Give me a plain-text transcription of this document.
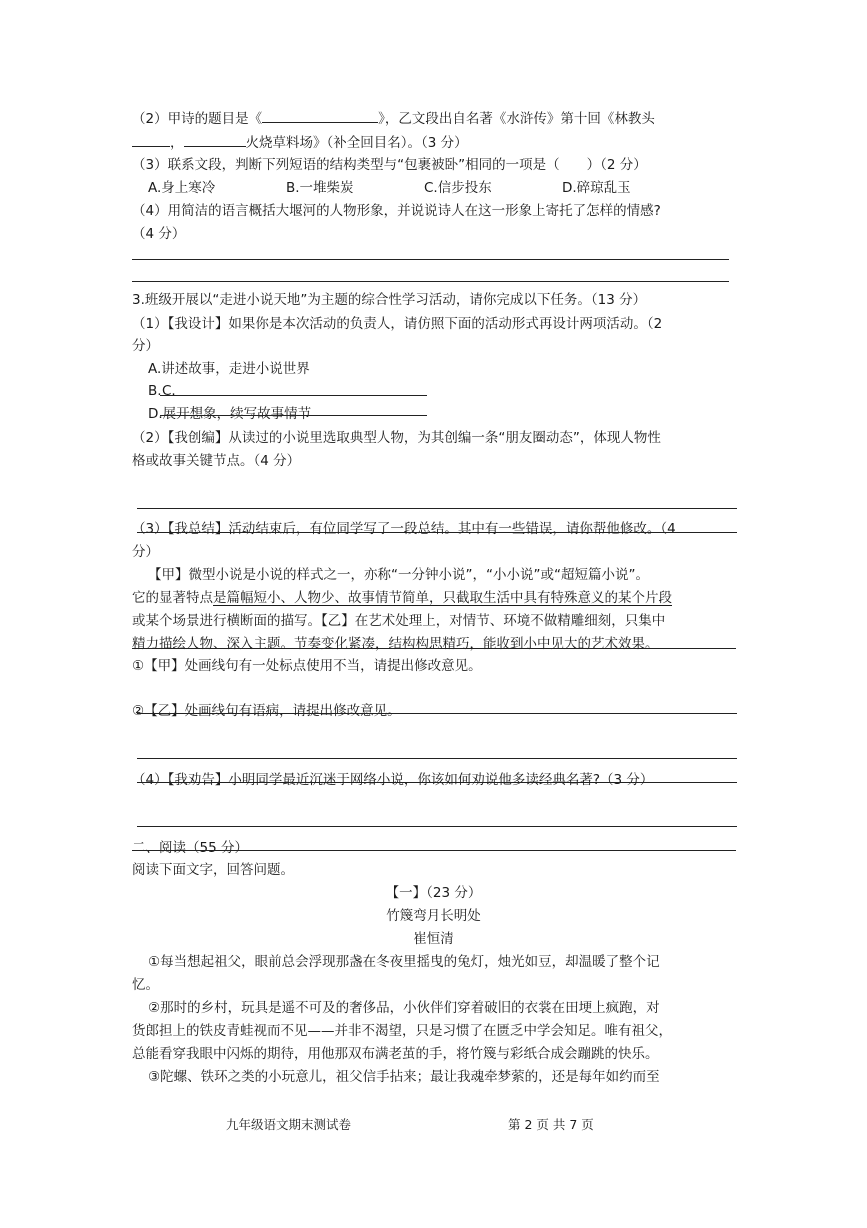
（2）甲诗的题目是《	》，乙文段出自名著《水浒传》第十回《林教头
，	火烧草料场》（补全回目名）。（3 分）
（3）联系文段，判断下列短语的结构类型与“包裹被卧”相同的一项是（　　）（2 分）
A.身上寒冷	B.一堆柴炭	C.信步投东	D.碎琼乱玉
（4）用简洁的语言概括大堰河的人物形象，并说说诗人在这一形象上寄托了怎样的情感?
（4 分）
3.班级开展以“走进小说天地”为主题的综合性学习活动，请你完成以下任务。（13 分）
（1）【我设计】如果你是本次活动的负责人，请仿照下面的活动形式再设计两项活动。（2
分）
A.讲述故事，走进小说世界
B. C.
D.展开想象，续写故事情节
（2）【我创编】从读过的小说里选取典型人物，为其创编一条“朋友圈动态”，体现人物性
格或故事关键节点。（4 分）
（3）【我总结】活动结束后，有位同学写了一段总结。其中有一些错误，请你帮他修改。（4
分）
【甲】微型小说是小说的样式之一，亦称“一分钟小说”，“小小说”或“超短篇小说”。
它的显著特点是篇幅短小、人物少、故事情节简单，只截取生活中具有特殊意义的某个片段
或某个场景进行横断面的描写。【乙】在艺术处理上，对情节、环境不做精雕细刻，只集中
精力描绘人物、深入主题。节奏变化紧凑，结构构思精巧，能收到小中见大的艺术效果。
①【甲】处画线句有一处标点使用不当，请提出修改意见。
②【乙】处画线句有语病，请提出修改意见。
（4）【我劝告】小明同学最近沉迷于网络小说，你该如何劝说他多读经典名著?（3 分）
二、阅读（55 分）
阅读下面文字，回答问题。
【一】（23 分）
竹篾弯月长明处
崔恒清
①每当想起祖父，眼前总会浮现那盏在冬夜里摇曳的兔灯，烛光如豆，却温暖了整个记
忆。
②那时的乡村，玩具是遥不可及的奢侈品，小伙伴们穿着破旧的衣裳在田埂上疯跑，对
货郎担上的铁皮青蛙视而不见——并非不渴望，只是习惯了在匮乏中学会知足。唯有祖父，
总能看穿我眼中闪烁的期待，用他那双布满老茧的手，将竹篾与彩纸合成会蹦跳的快乐。
③陀螺、铁环之类的小玩意儿，祖父信手拈来；最让我魂牵梦萦的，还是每年如约而至
九年级语文期末测试卷	第 2 页 共 7 页
